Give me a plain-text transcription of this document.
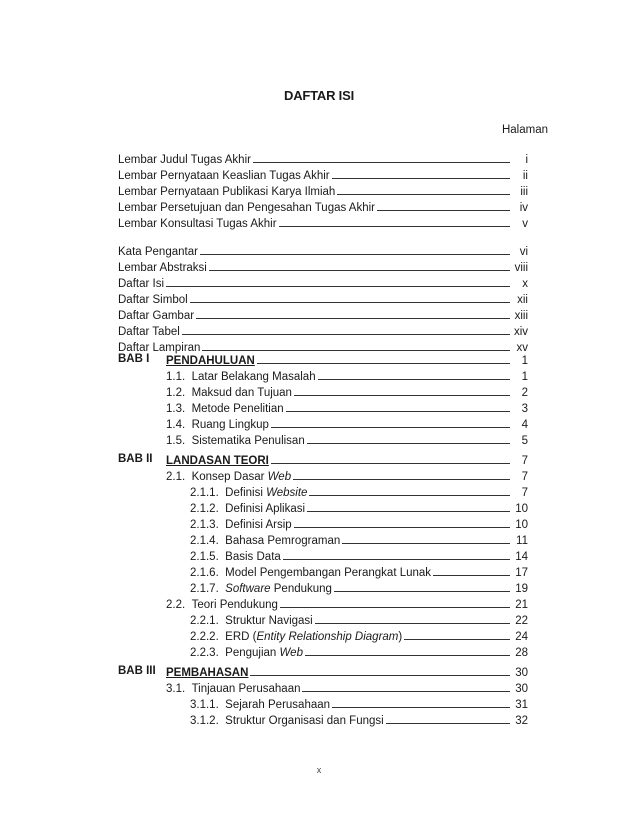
DAFTAR ISI
Halaman
Lembar Judul Tugas Akhir	i
Lembar Pernyataan Keaslian Tugas Akhir	ii
Lembar Pernyataan Publikasi Karya Ilmiah	iii
Lembar Persetujuan dan Pengesahan Tugas Akhir	iv
Lembar Konsultasi Tugas Akhir	v
Kata Pengantar	vi
Lembar Abstraksi	viii
Daftar Isi	x
Daftar Simbol	xii
Daftar Gambar	xiii
Daftar Tabel	xiv
Daftar Lampiran	xv
BAB I PENDAHULUAN	1
1.1. Latar Belakang Masalah	1
1.2. Maksud dan Tujuan	2
1.3. Metode Penelitian	3
1.4. Ruang Lingkup	4
1.5. Sistematika Penulisan	5
BAB II LANDASAN TEORI	7
2.1. Konsep Dasar Web	7
2.1.1. Definisi Website	7
2.1.2. Definisi Aplikasi	10
2.1.3. Definisi Arsip	10
2.1.4. Bahasa Pemrograman	11
2.1.5. Basis Data	14
2.1.6. Model Pengembangan Perangkat Lunak	17
2.1.7. Software Pendukung	19
2.2. Teori Pendukung	21
2.2.1. Struktur Navigasi	22
2.2.2. ERD (Entity Relationship Diagram)	24
2.2.3. Pengujian Web	28
BAB III PEMBAHASAN	30
3.1. Tinjauan Perusahaan	30
3.1.1. Sejarah Perusahaan	31
3.1.2. Struktur Organisasi dan Fungsi	32
x
